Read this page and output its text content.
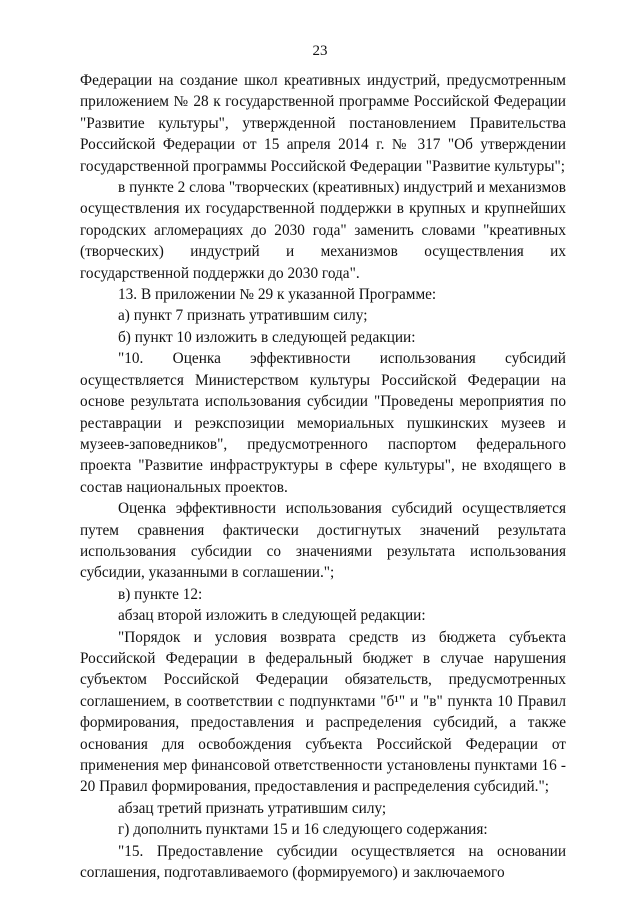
23

Федерации на создание школ креативных индустрий, предусмотренным приложением № 28 к государственной программе Российской Федерации "Развитие культуры", утвержденной постановлением Правительства Российской Федерации от 15 апреля 2014 г. № 317 "Об утверждении государственной программы Российской Федерации "Развитие культуры";

в пункте 2 слова "творческих (креативных) индустрий и механизмов осуществления их государственной поддержки в крупных и крупнейших городских агломерациях до 2030 года" заменить словами "креативных (творческих) индустрий и механизмов осуществления их государственной поддержки до 2030 года".

13. В приложении № 29 к указанной Программе:

а) пункт 7 признать утратившим силу;

б) пункт 10 изложить в следующей редакции:

"10. Оценка эффективности использования субсидий осуществляется Министерством культуры Российской Федерации на основе результата использования субсидии "Проведены мероприятия по реставрации и реэкспозиции мемориальных пушкинских музеев и музеев-заповедников", предусмотренного паспортом федерального проекта "Развитие инфраструктуры в сфере культуры", не входящего в состав национальных проектов.

Оценка эффективности использования субсидий осуществляется путем сравнения фактически достигнутых значений результата использования субсидии со значениями результата использования субсидии, указанными в соглашении.";

в) пункте 12:

абзац второй изложить в следующей редакции:

"Порядок и условия возврата средств из бюджета субъекта Российской Федерации в федеральный бюджет в случае нарушения субъектом Российской Федерации обязательств, предусмотренных соглашением, в соответствии с подпунктами "б¹" и "в" пункта 10 Правил формирования, предоставления и распределения субсидий, а также основания для освобождения субъекта Российской Федерации от применения мер финансовой ответственности установлены пунктами 16 - 20 Правил формирования, предоставления и распределения субсидий.";

абзац третий признать утратившим силу;

г) дополнить пунктами 15 и 16 следующего содержания:

"15. Предоставление субсидии осуществляется на основании соглашения, подготавливаемого (формируемого) и заключаемого
